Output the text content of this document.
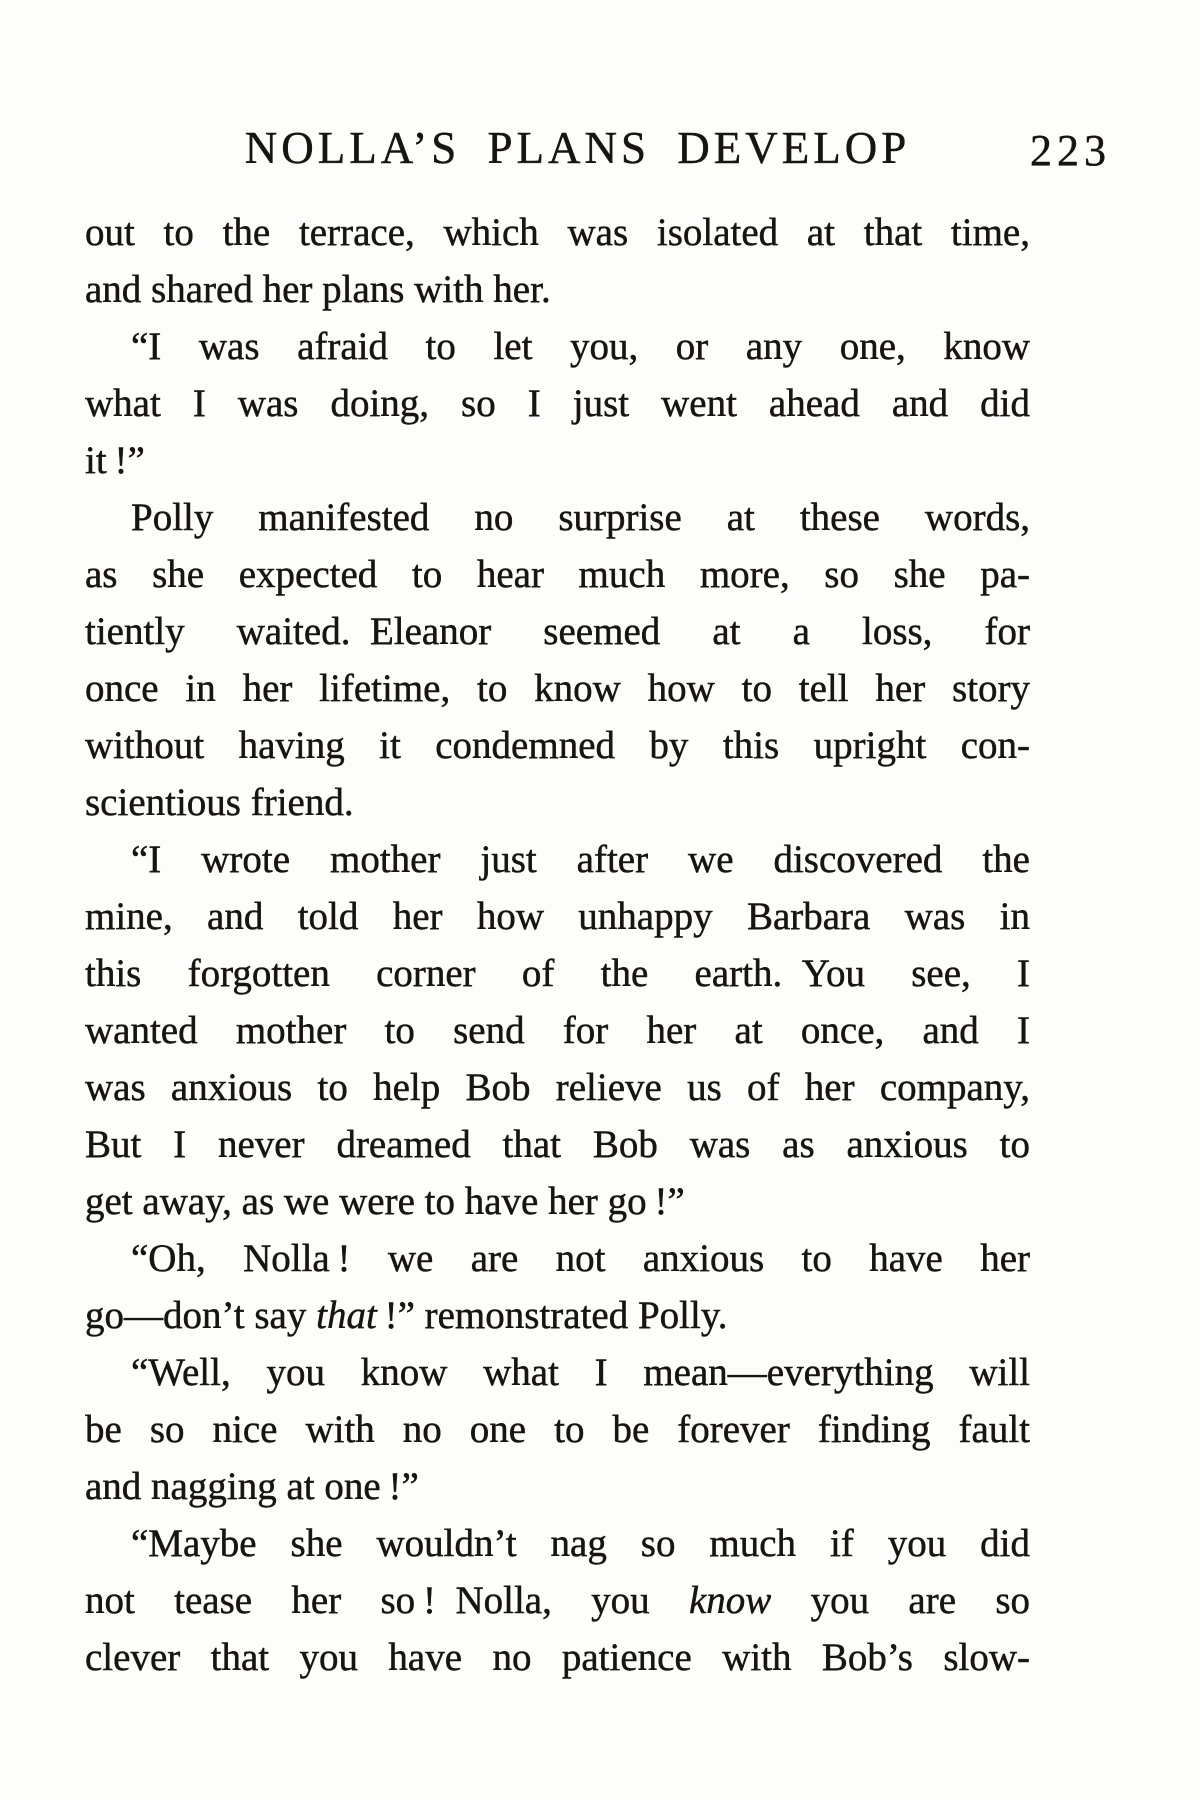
NOLLA’S PLANS DEVELOP	223
out to the terrace, which was isolated at that time,
and shared her plans with her.
“I was afraid to let you, or any one, know
what I was doing, so I just went ahead and did
it !”
Polly manifested no surprise at these words,
as she expected to hear much more, so she pa-
tiently waited. Eleanor seemed at a loss, for
once in her lifetime, to know how to tell her story
without having it condemned by this upright con-
scientious friend.
“I wrote mother just after we discovered the
mine, and told her how unhappy Barbara was in
this forgotten corner of the earth. You see, I
wanted mother to send for her at once, and I
was anxious to help Bob relieve us of her company,
But I never dreamed that Bob was as anxious to
get away, as we were to have her go !”
“Oh, Nolla ! we are not anxious to have her
go—don’t say that !” remonstrated Polly.
“Well, you know what I mean—everything will
be so nice with no one to be forever finding fault
and nagging at one !”
“Maybe she wouldn’t nag so much if you did
not tease her so ! Nolla, you know you are so
clever that you have no patience with Bob’s slow-
